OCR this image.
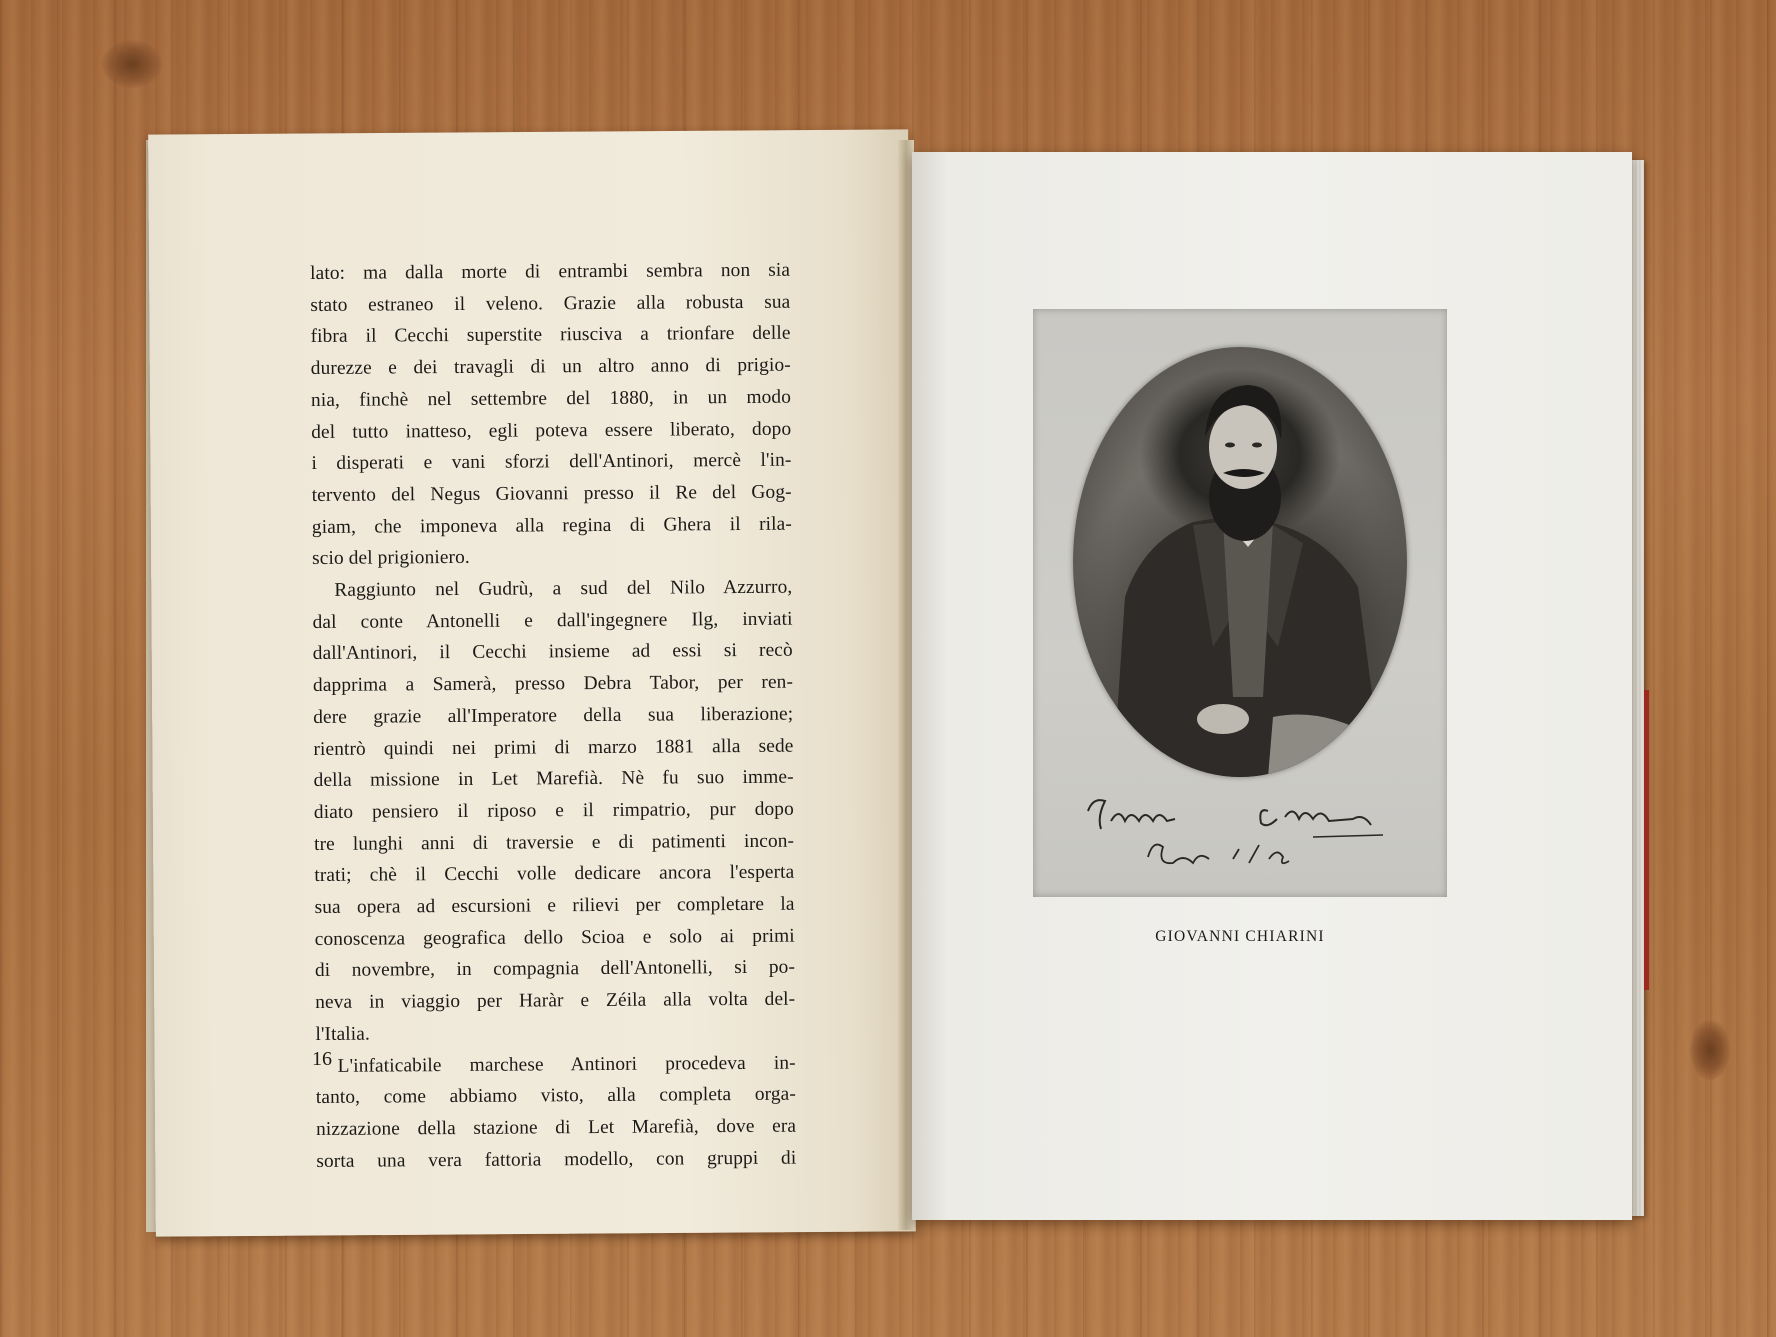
lato: ma dalla morte di entrambi sembra non sia
stato estraneo il veleno. Grazie alla robusta sua
fibra il Cecchi superstite riusciva a trionfare delle
durezze e dei travagli di un altro anno di prigio-
nia, finchè nel settembre del 1880, in un modo
del tutto inatteso, egli poteva essere liberato, dopo
i disperati e vani sforzi dell'Antinori, mercè l'in-
tervento del Negus Giovanni presso il Re del Gog-
giam, che imponeva alla regina di Ghera il rila-
scio del prigioniero.

Raggiunto nel Gudrù, a sud del Nilo Azzurro,
dal conte Antonelli e dall'ingegnere Ilg, inviati
dall'Antinori, il Cecchi insieme ad essi si recò
dapprima a Samerà, presso Debra Tabor, per ren-
dere grazie all'Imperatore della sua liberazione;
rientrò quindi nei primi di marzo 1881 alla sede
della missione in Let Marefià. Nè fu suo imme-
diato pensiero il riposo e il rimpatrio, pur dopo
tre lunghi anni di traversie e di patimenti incon-
trati; chè il Cecchi volle dedicare ancora l'esperta
sua opera ad escursioni e rilievi per completare la
conoscenza geografica dello Scioa e solo ai primi
di novembre, in compagnia dell'Antonelli, si po-
neva in viaggio per Haràr e Zéila alla volta del-
l'Italia.

L'infaticabile marchese Antinori procedeva in-
tanto, come abbiamo visto, alla completa orga-
nizzazione della stazione di Let Marefià, dove era
sorta una vera fattoria modello, con gruppi di

16
GIOVANNI CHIARINI
